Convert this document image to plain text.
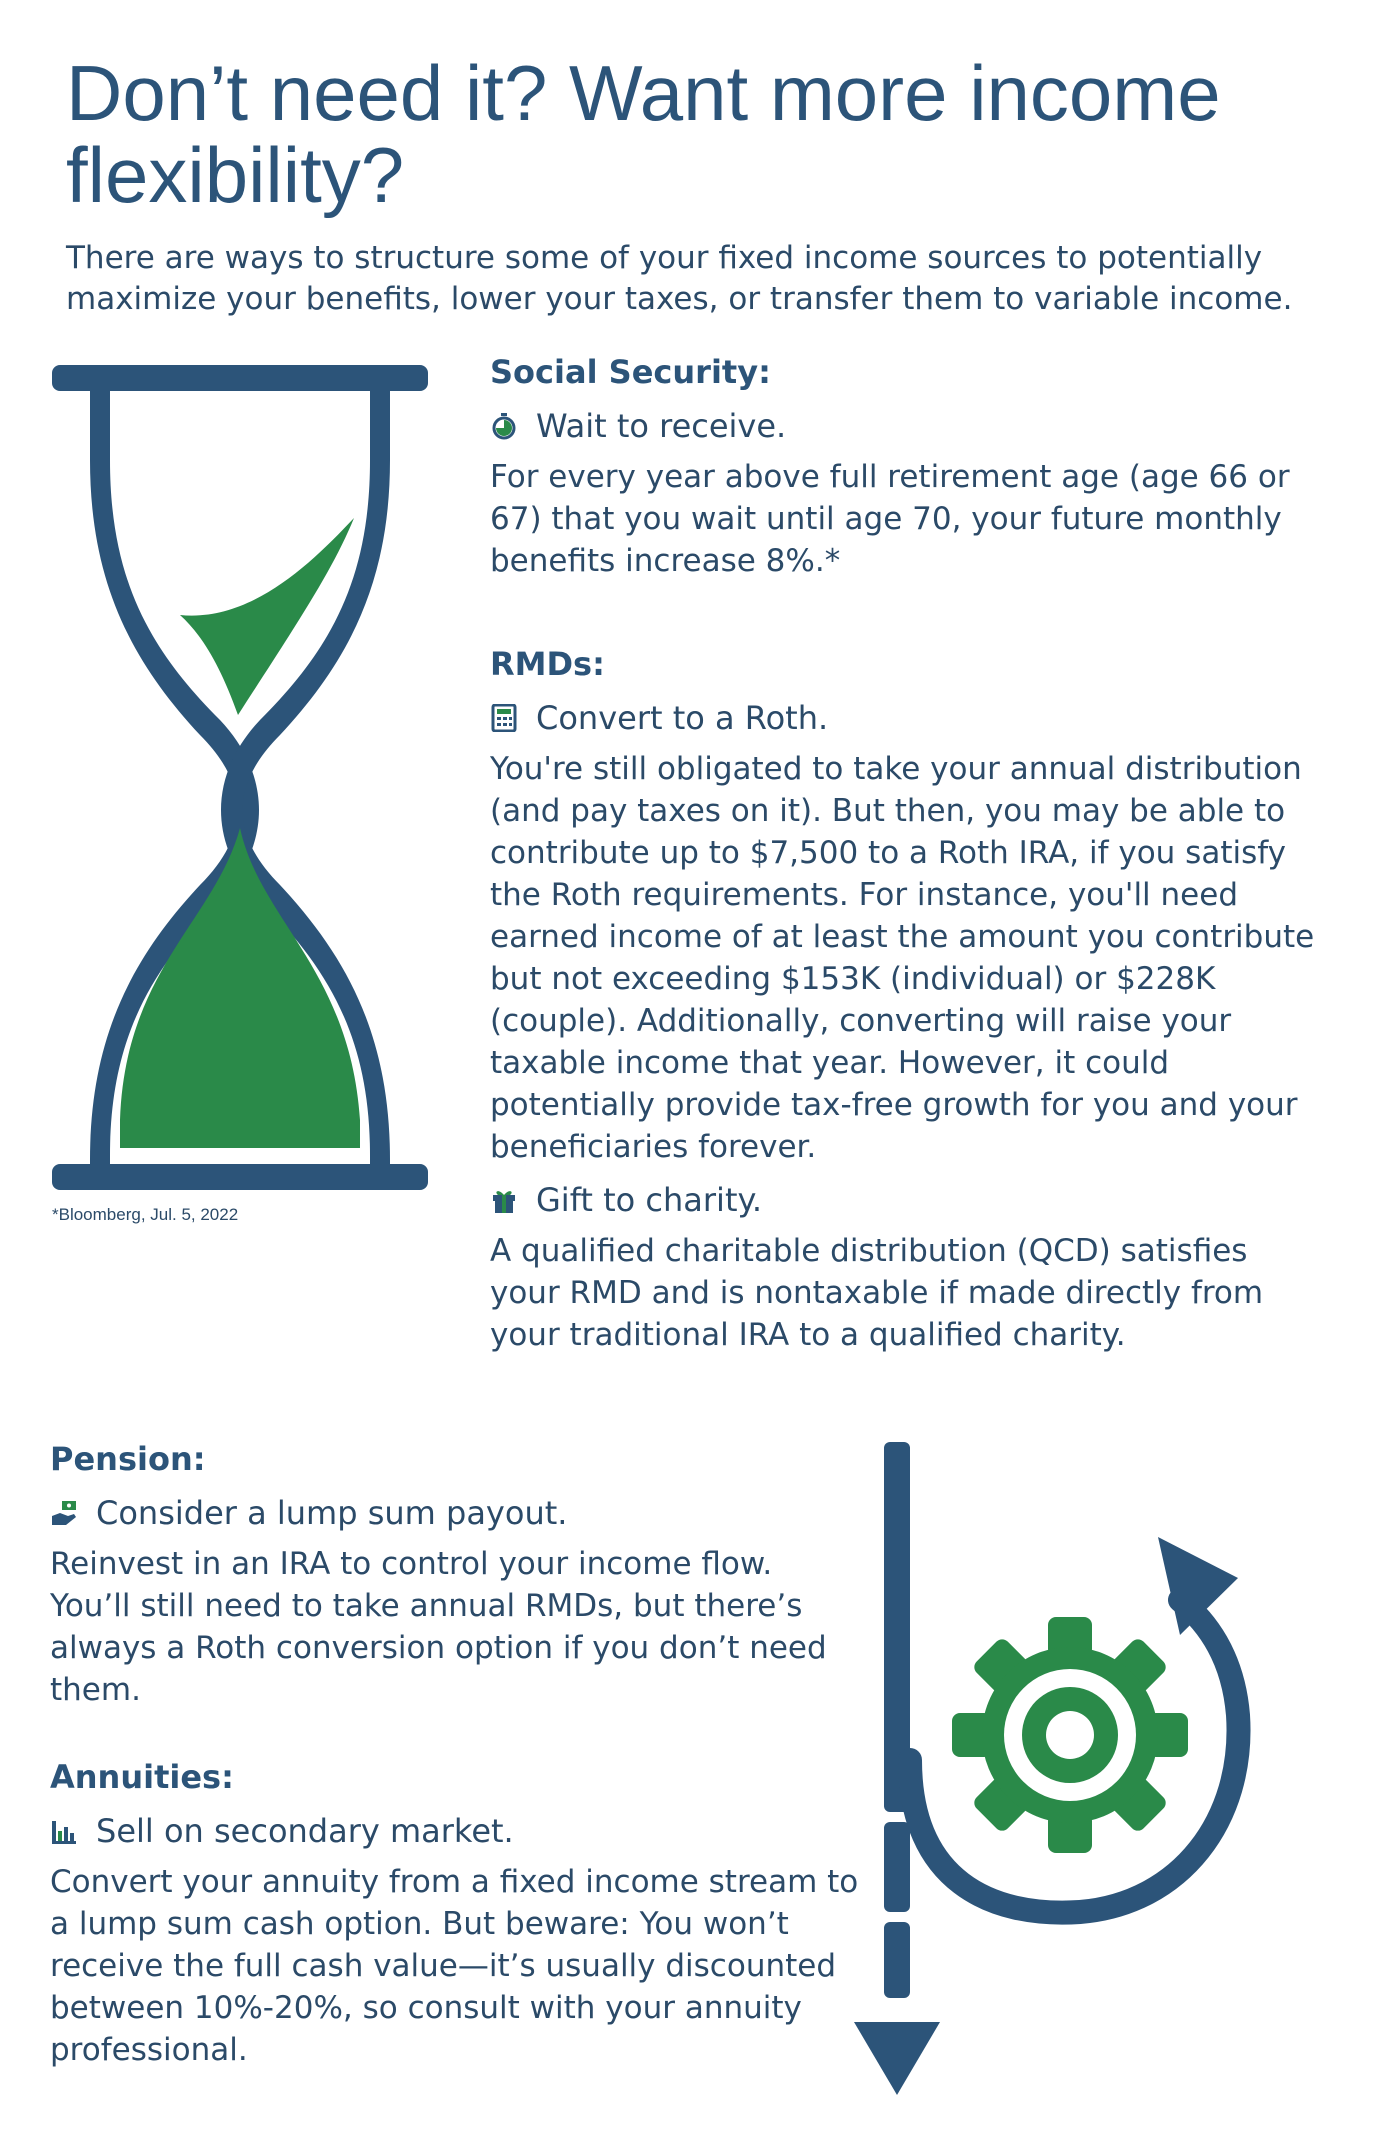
Don’t need it? Want more income flexibility?

There are ways to structure some of your fixed income sources to potentially maximize your benefits, lower your taxes, or transfer them to variable income.

*Bloomberg, Jul. 5, 2022

Social Security:
Wait to receive.

For every year above full retirement age (age 66 or 67) that you wait until age 70, your future monthly benefits increase 8%.*

RMDs:
Convert to a Roth.

You're still obligated to take your annual distribution (and pay taxes on it). But then, you may be able to contribute up to $7,500 to a Roth IRA, if you satisfy the Roth requirements. For instance, you'll need earned income of at least the amount you contribute but not exceeding $153K (individual) or $228K (couple). Additionally, converting will raise your taxable income that year. However, it could potentially provide tax-free growth for you and your beneficiaries forever.

Gift to charity.

A qualified charitable distribution (QCD) satisfies your RMD and is nontaxable if made directly from your traditional IRA to a qualified charity.

Pension:
Consider a lump sum payout.

Reinvest in an IRA to control your income flow. You’ll still need to take annual RMDs, but there’s always a Roth conversion option if you don’t need them.

Annuities:
Sell on secondary market.

Convert your annuity from a fixed income stream to a lump sum cash option. But beware: You won’t receive the full cash value—it’s usually discounted between 10%-20%, so consult with your annuity professional.
